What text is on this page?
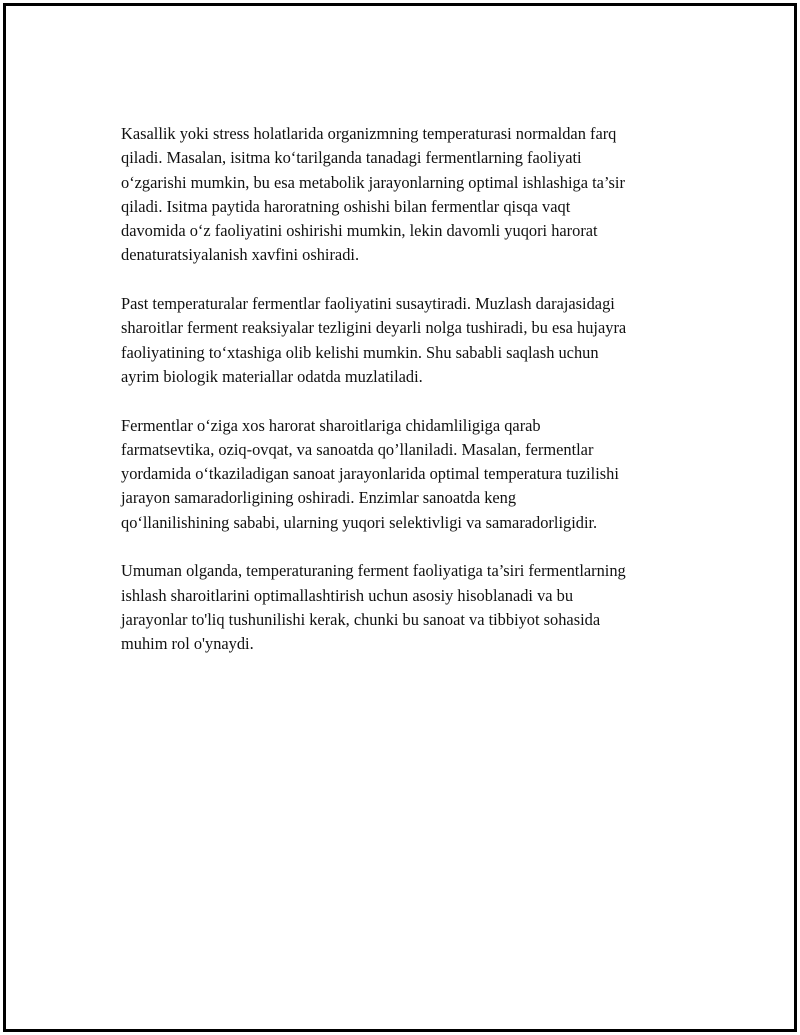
Kasallik yoki stress holatlarida organizmning temperaturasi normaldan farq
qiladi. Masalan, isitma ko‘tarilganda tanadagi fermentlarning faoliyati
o‘zgarishi mumkin, bu esa metabolik jarayonlarning optimal ishlashiga ta’sir
qiladi. Isitma paytida haroratning oshishi bilan fermentlar qisqa vaqt
davomida o‘z faoliyatini oshirishi mumkin, lekin davomli yuqori harorat
denaturatsiyalanish xavfini oshiradi.

Past temperaturalar fermentlar faoliyatini susaytiradi. Muzlash darajasidagi
sharoitlar ferment reaksiyalar tezligini deyarli nolga tushiradi, bu esa hujayra
faoliyatining to‘xtashiga olib kelishi mumkin. Shu sababli saqlash uchun
ayrim biologik materiallar odatda muzlatiladi.

Fermentlar o‘ziga xos harorat sharoitlariga chidamliligiga qarab
farmatsevtika, oziq-ovqat, va sanoatda qo’llaniladi. Masalan, fermentlar
yordamida o‘tkaziladigan sanoat jarayonlarida optimal temperatura tuzilishi
jarayon samaradorligining oshiradi. Enzimlar sanoatda keng
qo‘llanilishining sababi, ularning yuqori selektivligi va samaradorligidir.

Umuman olganda, temperaturaning ferment faoliyatiga ta’siri fermentlarning
ishlash sharoitlarini optimallashtirish uchun asosiy hisoblanadi va bu
jarayonlar to'liq tushunilishi kerak, chunki bu sanoat va tibbiyot sohasida
muhim rol o'ynaydi.
